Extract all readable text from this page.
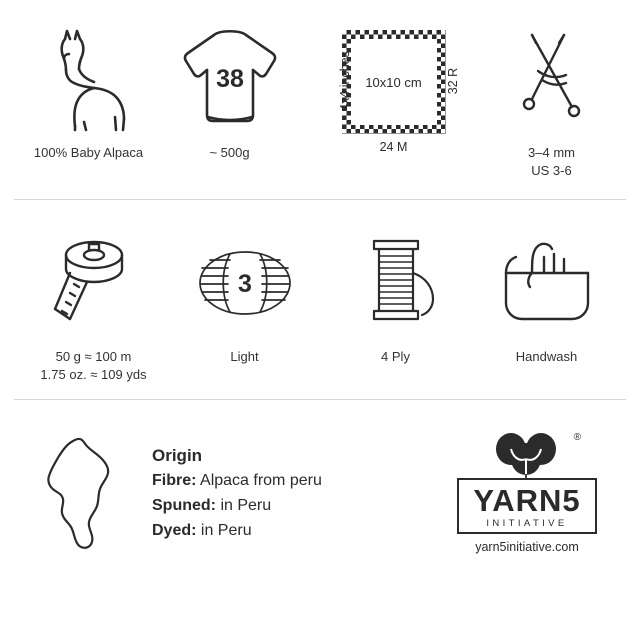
100% Baby Alpaca
38
~ 500g
10x10 cm
4x4 inches	32 R
24 M	3–4 mm
US 3-6
50 g ≈ 100 m
1.75 oz. ≈ 109 yds
3
Light	4 Ply	Handwash
Origin
Fibre: Alpaca from peru
Spuned: in Peru
Dyed: in Peru
®
YARN5
INITIATIVE
yarn5initiative.com
